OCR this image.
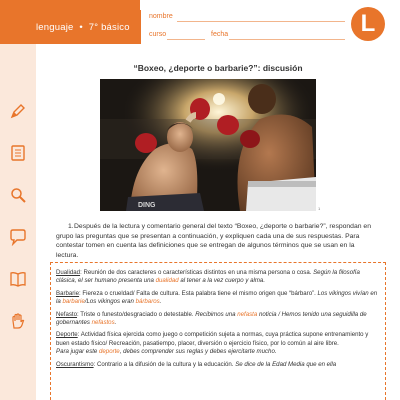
lenguaje • 7° básico
nombre
curso	fecha	L
“Boxeo, ¿deporte o barbarie?”: discusión
DING	1
1.Después de la lectura y comentario general del texto “Boxeo, ¿deporte o barbarie?”, respondan en grupo las preguntas que se presentan a continuación, y expliquen cada una de sus respuestas. Para contestar tomen en cuenta las definiciones que se entregan de algunos términos que se usan en la lectura.

Dualidad: Reunión de dos caracteres o características distintos en una misma persona o cosa. Según la filosofía clásica, el ser humano presenta una dualidad al tener a la vez cuerpo y alma.

Barbarie: Fiereza o crueldad/ Falta de cultura. Esta palabra tiene el mismo origen que “bárbaro”. Los vikingos vivían en la barbarie/Los vikingos eran bárbaros.

Nefasto: Triste o funesto/desgraciado o detestable. Recibimos una nefasta noticia / Hemos tenido una seguidilla de gobernantes nefastos.

Deporte: Actividad física ejercida como juego o competición sujeta a normas, cuya práctica supone entrenamiento y buen estado físico/ Recreación, pasatiempo, placer, diversión o ejercicio físico, por lo común al aire libre.
Para jugar este deporte, debes comprender sus reglas y debes ejercitarte mucho.

Oscurantismo: Contrario a la difusión de la cultura y la educación. Se dice de la Edad Media que en ella
